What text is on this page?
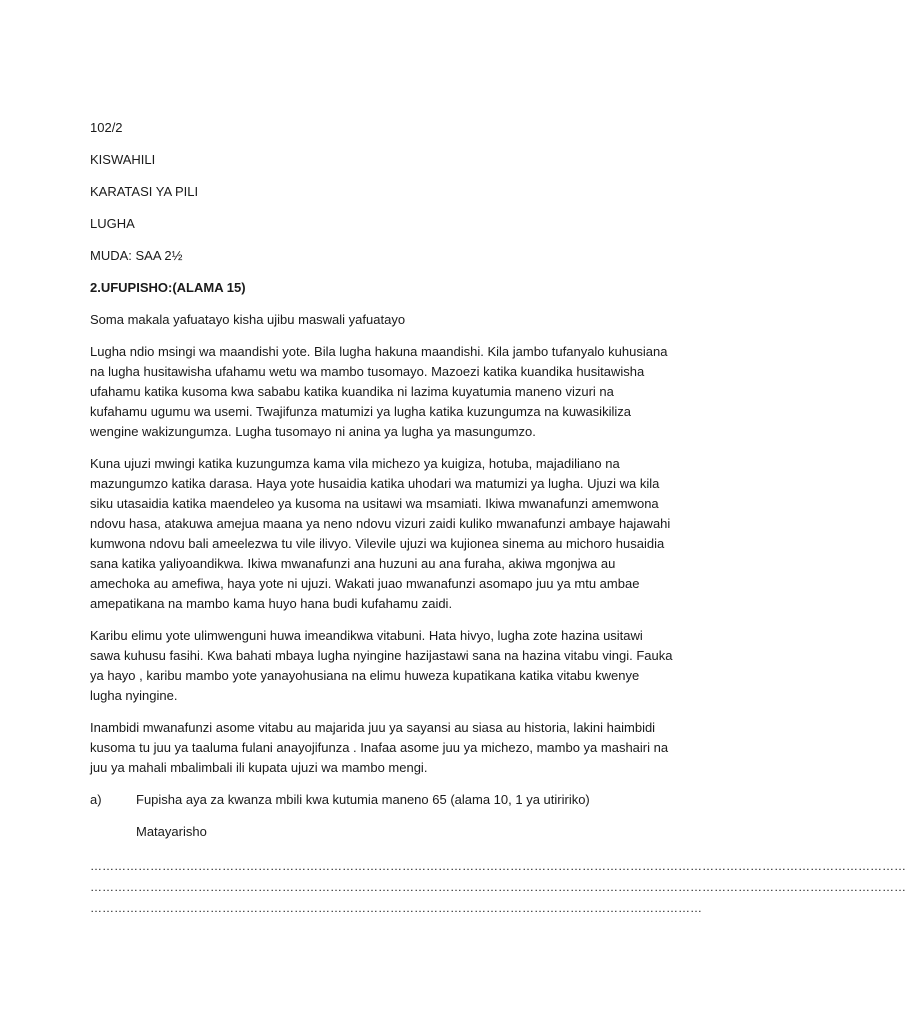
102/2
KISWAHILI
KARATASI YA PILI
LUGHA
MUDA: SAA 2½
2.UFUPISHO:(ALAMA 15)
Soma makala yafuatayo kisha ujibu maswali yafuatayo

Lugha ndio msingi wa maandishi yote. Bila lugha hakuna maandishi. Kila jambo tufanyalo kuhusiana na lugha husitawisha ufahamu wetu wa mambo tusomayo. Mazoezi katika kuandika husitawisha ufahamu katika kusoma kwa sababu katika kuandika ni lazima kuyatumia maneno vizuri na kufahamu ugumu wa usemi. Twajifunza matumizi ya lugha katika kuzungumza na kuwasikiliza wengine wakizungumza. Lugha tusomayo ni anina ya lugha ya masungumzo.

Kuna ujuzi mwingi katika kuzungumza kama vila michezo ya kuigiza, hotuba, majadiliano na mazungumzo katika darasa. Haya yote husaidia katika uhodari wa matumizi ya lugha. Ujuzi wa kila siku utasaidia katika maendeleo ya kusoma na usitawi wa msamiati. Ikiwa mwanafunzi amemwona ndovu hasa, atakuwa amejua maana ya neno ndovu vizuri zaidi kuliko mwanafunzi ambaye hajawahi kumwona ndovu bali ameelezwa tu vile ilivyo. Vilevile ujuzi wa kujionea sinema au michoro husaidia sana katika yaliyoandikwa. Ikiwa mwanafunzi ana huzuni au ana furaha, akiwa mgonjwa au amechoka au amefiwa, haya yote ni ujuzi. Wakati juao mwanafunzi asomapo juu ya mtu ambae amepatikana na mambo kama huyo hana budi kufahamu zaidi.

Karibu elimu yote ulimwenguni huwa imeandikwa vitabuni. Hata hivyo, lugha zote hazina usitawi sawa kuhusu fasihi. Kwa bahati mbaya lugha nyingine hazijastawi sana na hazina vitabu vingi. Fauka ya hayo , karibu mambo yote yanayohusiana na elimu huweza kupatikana katika vitabu kwenye lugha nyingine.

Inambidi mwanafunzi asome vitabu au majarida juu ya sayansi au siasa au historia, lakini haimbidi kusoma tu juu ya taaluma fulani anayojifunza . Inafaa asome juu ya michezo, mambo ya mashairi na juu ya mahali mbalimbali ili kupata ujuzi wa mambo mengi.

a)	Fupisha aya za kwanza mbili kwa kutumia maneno 65 (alama 10, 1 ya utiririko)
Matayarisho
……………………………………………………………………………………………………………………………………………………………………………………
……………………………………………………………………………………………………………………………………………………………………………………
………………………………………………………………………………………………………………………………………
